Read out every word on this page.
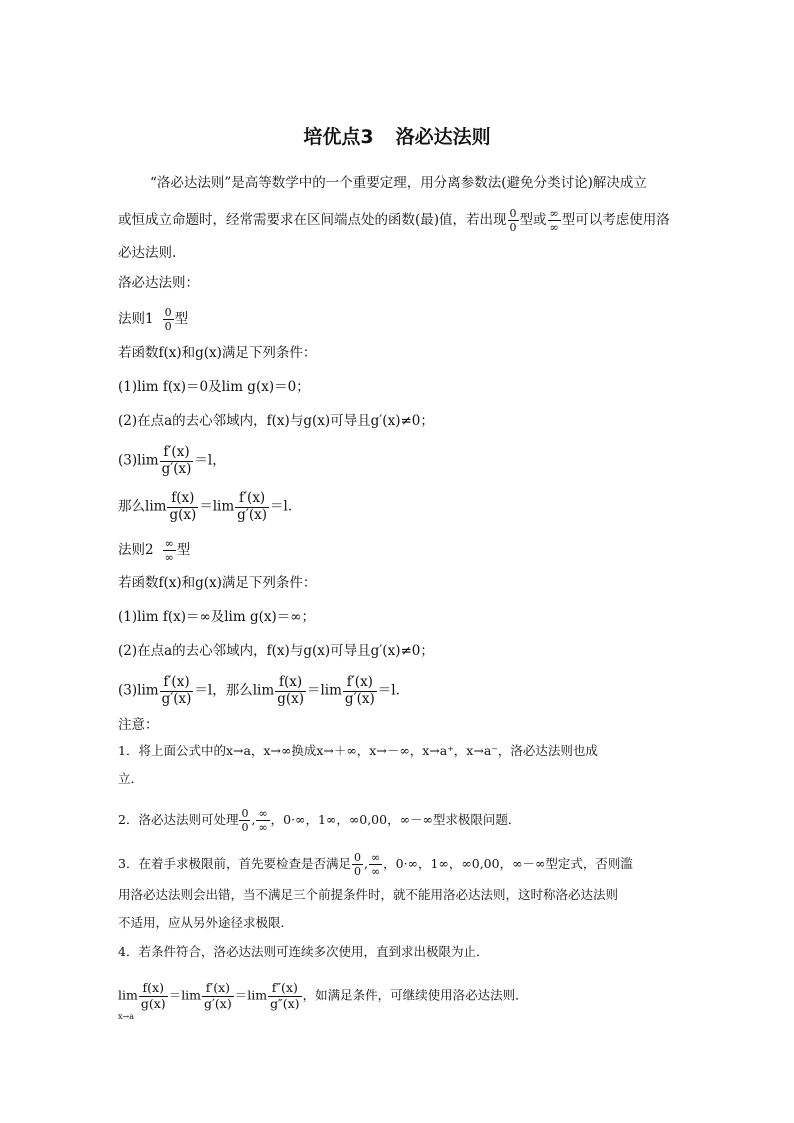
培优点3 洛必达法则
“洛必达法则”是高等数学中的一个重要定理，用分离参数法(避免分类讨论)解决成立
或恒成立命题时，经常需要求在区间端点处的函数(最)值，若出现 $\frac{0}{0}$ 型或 $\frac{\infty}{\infty}$ 型可以考虑使用洛
必达法则.
洛必达法则：
法则$1 \frac{0}{0}$ 型
若函数f(x)和g(x)满足下列条件：
(1)lim f(x)＝0及lim g(x)＝0；
(2)在点a的去心邻域内，f(x)与g(x)可导且g′(x)≠0；
$(3)\lim \frac{f'(x)}{g'(x)} =l$，
那么$\lim \frac{f(x)}{g(x)} =\lim \frac{f'(x)}{g'(x)} =l$.
法则$2 \frac{\infty}{\infty}$ 型
若函数f(x)和g(x)满足下列条件：
(1)lim f(x)＝∞及lim g(x)＝∞；
(2)在点a的去心邻域内，f(x)与g(x)可导且g′(x)≠0；
$(3)\lim \frac{f'(x)}{g'(x)} =l$，那么$\lim \frac{f(x)}{g(x)} =\lim \frac{f'(x)}{g'(x)} =l$.
注意：
1．将上面公式中的x→a，x→∞换成x→＋∞，x→－∞，x→a⁺，x→a⁻，洛必达法则也成
立．
2．洛必达法则可处理 $\frac{0}{0}$ , $\frac{\infty}{\infty}$ ，0·∞，1∞，∞0,00，∞－∞型求极限问题．
3．在着手求极限前，首先要检查是否满足 $\frac{0}{0}$ , $\frac{\infty}{\infty}$ ，0·∞，1∞，∞0,00，∞－∞型定式，否则滥
用洛必达法则会出错，当不满足三个前提条件时，就不能用洛必达法则，这时称洛必达法则
不适用，应从另外途径求极限．
4．若条件符合，洛必达法则可连续多次使用，直到求出极限为止．
$\lim \frac{f(x)}{g(x)} =\lim \frac{f'(x)}{g'(x)} =\lim \frac{f''(x)}{g''(x)}$ ，如满足条件，可继续使用洛必达法则．
x→a
